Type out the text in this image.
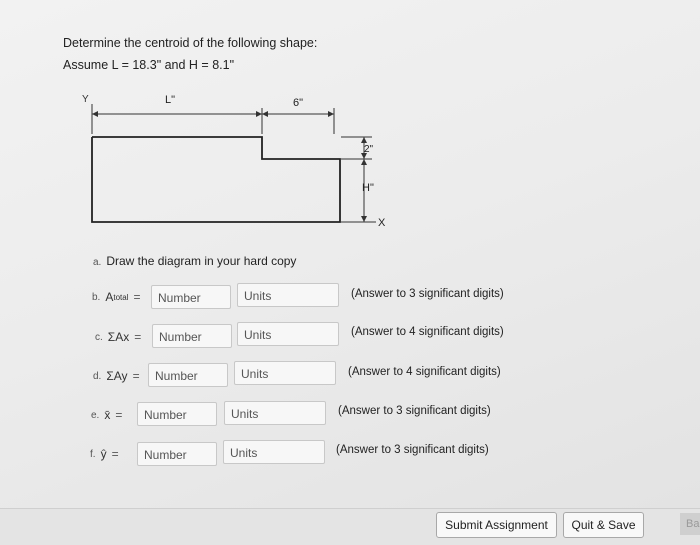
Determine the centroid of the following shape:
Assume L = 18.3" and H = 8.1"
Y	L"	6"
2"
H"
X
a. Draw the diagram in your hard copy
b. A total =	Number	Units	(Answer to 3 significant digits)
c. ΣAx =	Number	Units	(Answer to 4 significant digits)
d. ΣAy =	Number	Units	(Answer to 4 significant digits)
e. x̄ =	Number	Units	(Answer to 3 significant digits)
f. ŷ =	Number	Units	(Answer to 3 significant digits)
Submit Assignment	Quit & Save	Ba
